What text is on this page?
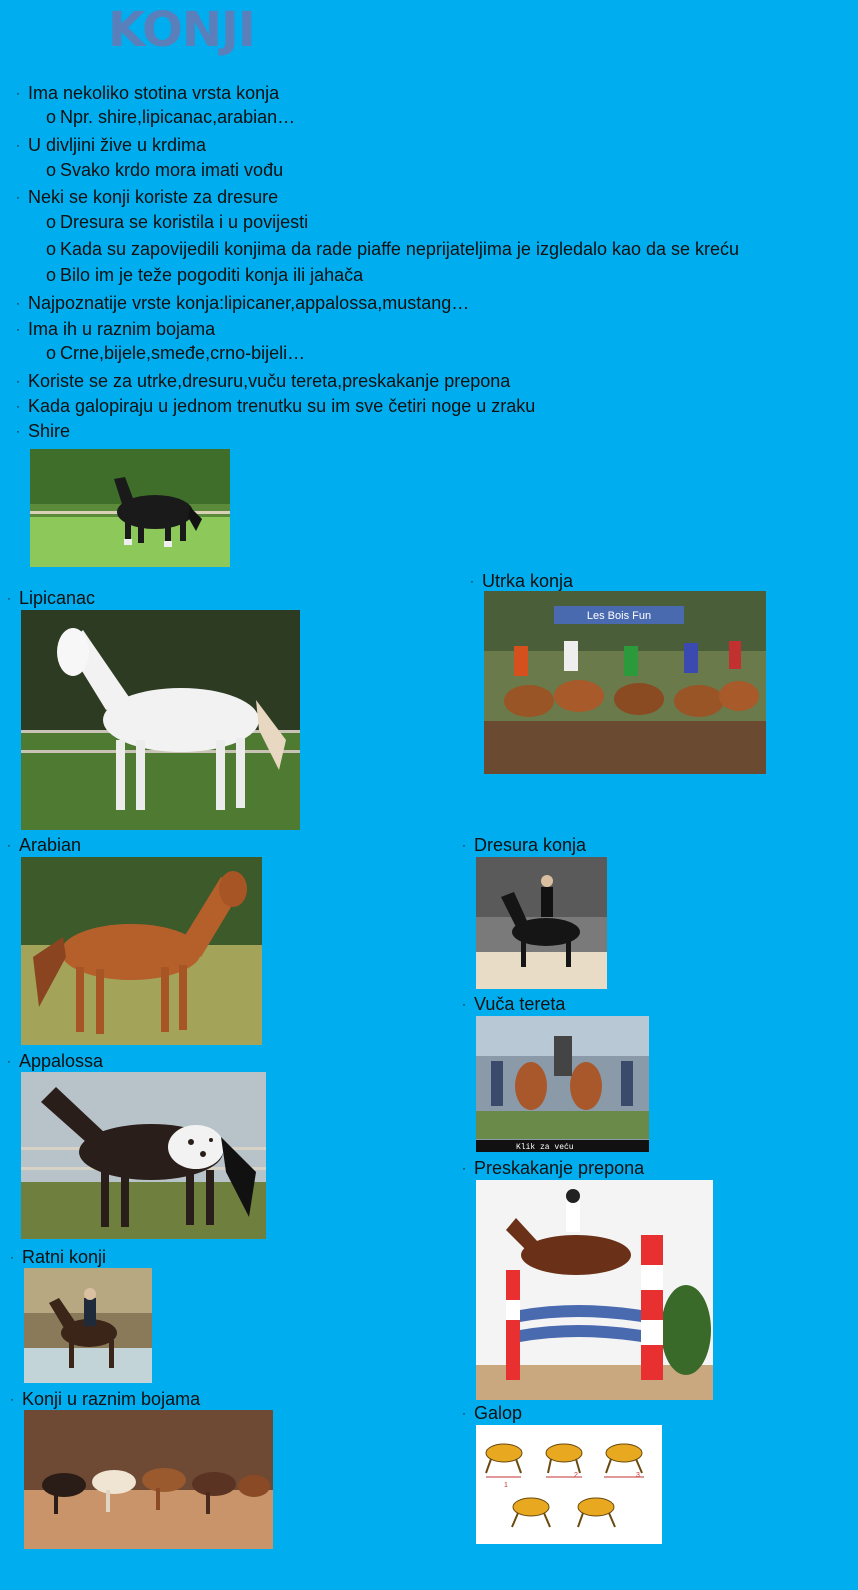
KONJI
· Ima nekoliko stotina vrsta konja
o Npr. shire,lipicanac,arabian…
· U divljini žive u krdima
o Svako krdo mora imati vođu
· Neki se konji koriste za dresure
o Dresura se koristila i u povijesti
o Kada su zapovijedili konjima da rade piaffe neprijateljima je izgledalo kao da se kreću
o Bilo im je teže pogoditi konja ili jahača
· Najpoznatije vrste konja:lipicaner,appalossa,mustang…
· Ima ih u raznim bojama
o Crne,bijele,smeđe,crno-bijeli…
· Koriste se za utrke,dresuru,vuču tereta,preskakanje prepona
· Kada galopiraju u jednom trenutku su im sve četiri noge u zraku
· Shire
· Lipicanac
· Arabian
· Appalossa
· Ratni konji
· Konji u raznim bojama
· Utrka konja
Les Bois Fun
· Dresura konja
· Vuča tereta
Klik za veću
· Preskakanje prepona
· Galop
1
2	3
